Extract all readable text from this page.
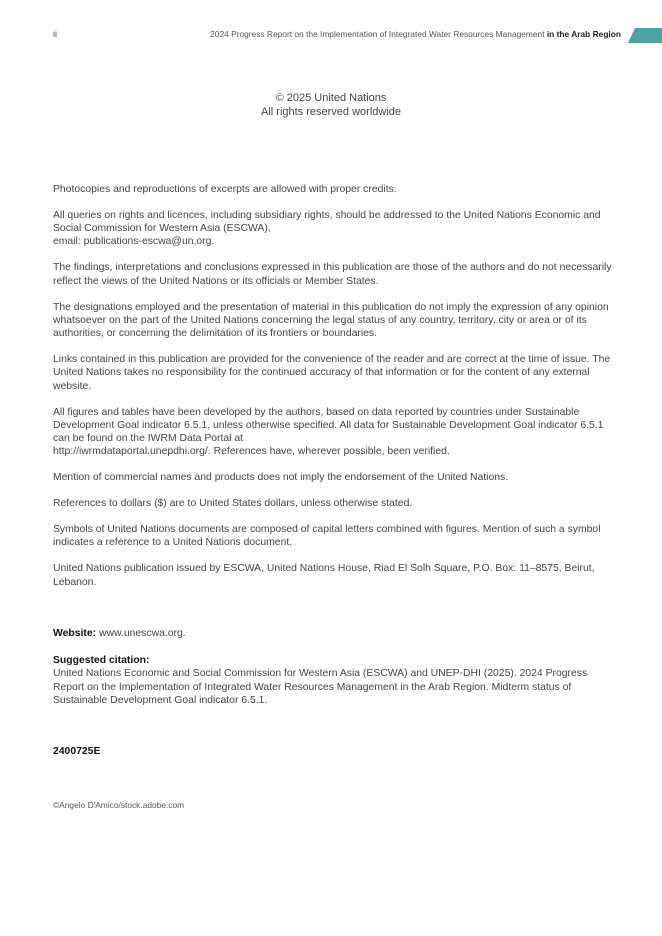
ii	2024 Progress Report on the Implementation of Integrated Water Resources Management in the Arab Region
© 2025 United Nations
All rights reserved worldwide

Photocopies and reproductions of excerpts are allowed with proper credits.

All queries on rights and licences, including subsidiary rights, should be addressed to the United Nations Economic and Social Commission for Western Asia (ESCWA),
email: publications-escwa@un.org.

The findings, interpretations and conclusions expressed in this publication are those of the authors and do not necessarily reflect the views of the United Nations or its officials or Member States.

The designations employed and the presentation of material in this publication do not imply the expression of any opinion whatsoever on the part of the United Nations concerning the legal status of any country, territory, city or area or of its authorities, or concerning the delimitation of its frontiers or boundaries.

Links contained in this publication are provided for the convenience of the reader and are correct at the time of issue. The United Nations takes no responsibility for the continued accuracy of that information or for the content of any external website.

All figures and tables have been developed by the authors, based on data reported by countries under Sustainable Development Goal indicator 6.5.1, unless otherwise specified. All data for Sustainable Development Goal indicator 6.5.1 can be found on the IWRM Data Portal at
http://iwrmdataportal.unepdhi.org/. References have, wherever possible, been verified.

Mention of commercial names and products does not imply the endorsement of the United Nations.

References to dollars ($) are to United States dollars, unless otherwise stated.

Symbols of United Nations documents are composed of capital letters combined with figures. Mention of such a symbol indicates a reference to a United Nations document.

United Nations publication issued by ESCWA, United Nations House, Riad El Solh Square, P.O. Box: 11–8575, Beirut, Lebanon.

Website: www.unescwa.org.
Suggested citation:
United Nations Economic and Social Commission for Western Asia (ESCWA) and UNEP-DHI (2025). 2024 Progress Report on the Implementation of Integrated Water Resources Management in the Arab Region. Midterm status of Sustainable Development Goal indicator 6.5.1.
2400725E
©Angelo D'Amico/stock.adobe.com
